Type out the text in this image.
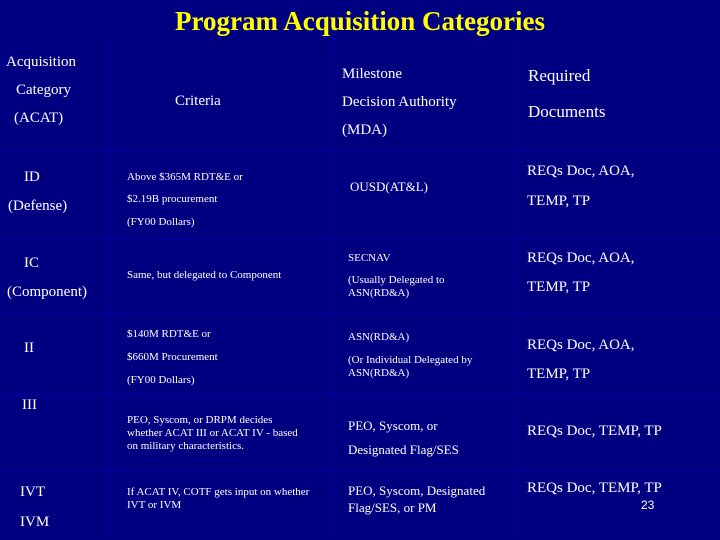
Program Acquisition Categories
Acquisition
Category
(ACAT)
Criteria
Milestone
Decision Authority
(MDA)
Required
Documents
ID
(Defense)
Above $365M RDT&E or
$2.19B procurement
(FY00 Dollars)
OUSD(AT&L)
REQs Doc, AOA,
TEMP, TP
IC
(Component)
Same, but delegated to Component
SECNAV
(Usually Delegated to ASN(RD&A)
REQs Doc, AOA,
TEMP, TP
II
$140M RDT&E or
$660M Procurement
(FY00 Dollars)
ASN(RD&A)
(Or Individual Delegated by ASN(RD&A)
REQs Doc, AOA,
TEMP, TP
III
PEO, Syscom, or DRPM decides whether ACAT III or ACAT IV - based on military characteristics.
PEO, Syscom, or
Designated Flag/SES
REQs Doc, TEMP, TP
IVT
IVM
If ACAT IV, COTF gets input on whether IVT or IVM
PEO, Syscom, Designated Flag/SES, or PM
REQs Doc, TEMP, TP
23
